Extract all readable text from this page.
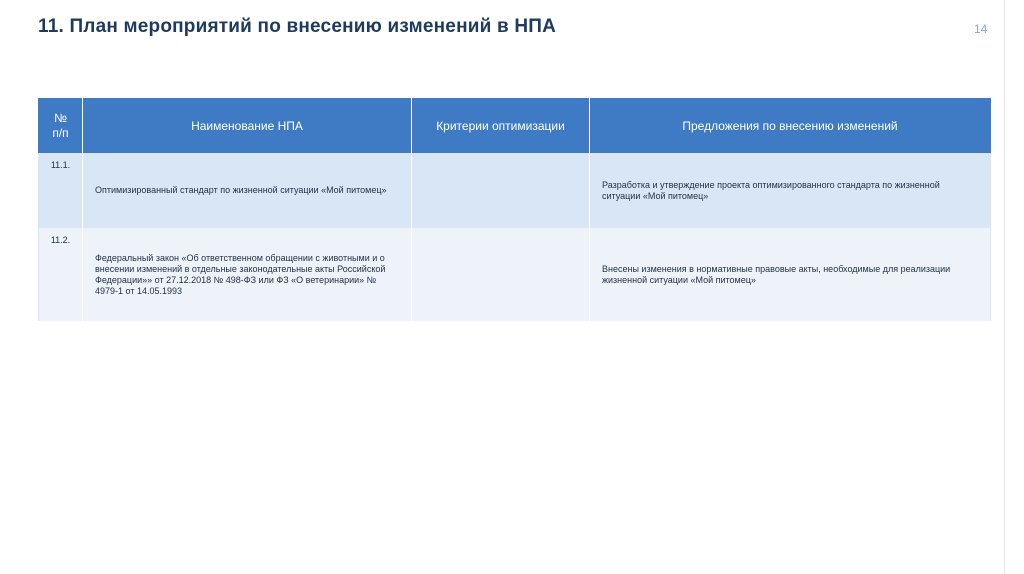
11. План мероприятий по внесению изменений в НПА	14
№
п/п	Наименование НПА	Критерии оптимизации	Предложения по внесению изменений
11.1.	Оптимизированный стандарт по жизненной ситуации «Мой питомец»		Разработка и утверждение проекта оптимизированного стандарта по жизненной ситуации «Мой питомец»
11.2.	Федеральный закон «Об ответственном обращении с животными и о внесении изменений в отдельные законодательные акты Российской Федерации»» от 27.12.2018 № 498-ФЗ или ФЗ «О ветеринарии» № 4979-1 от 14.05.1993		Внесены изменения в нормативные правовые акты, необходимые для реализации жизненной ситуации «Мой питомец»
